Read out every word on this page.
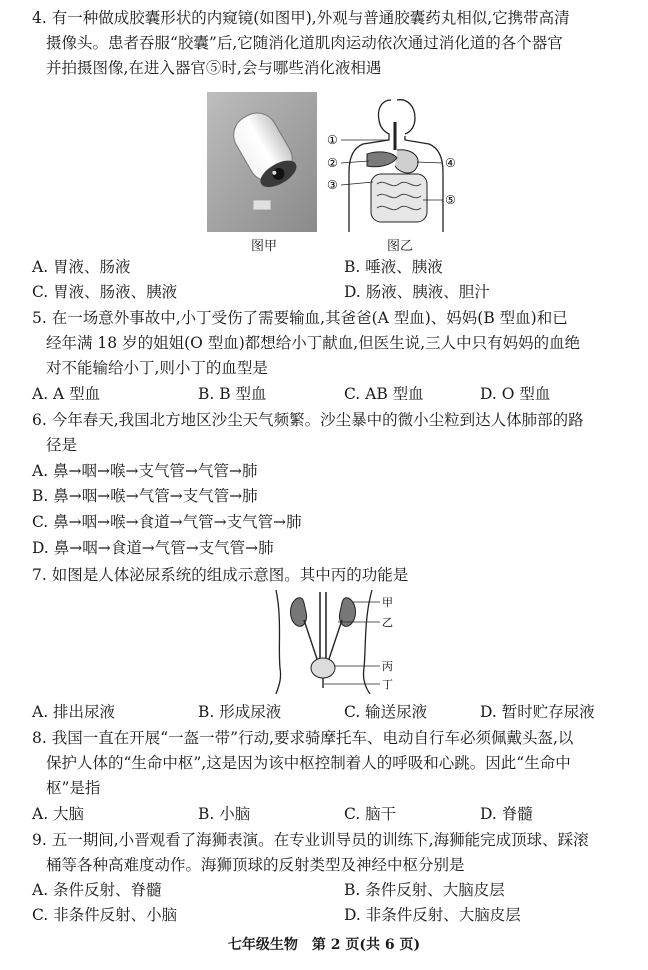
4. 有一种做成胶囊形状的内窥镜(如图甲),外观与普通胶囊药丸相似,它携带高清
摄像头。患者吞服“胶囊”后,它随消化道肌肉运动依次通过消化道的各个器官
并拍摄图像,在进入器官⑤时,会与哪些消化液相遇
图甲
①
②
③
④
⑤
图乙
A. 胃液、肠液	B. 唾液、胰液
C. 胃液、肠液、胰液	D. 肠液、胰液、胆汁
5. 在一场意外事故中,小丁受伤了需要输血,其爸爸(A 型血)、妈妈(B 型血)和已
经年满 18 岁的姐姐(O 型血)都想给小丁献血,但医生说,三人中只有妈妈的血绝
对不能输给小丁,则小丁的血型是
A. A 型血	B. B 型血	C. AB 型血	D. O 型血
6. 今年春天,我国北方地区沙尘天气频繁。沙尘暴中的微小尘粒到达人体肺部的路
径是
A. 鼻→咽→喉→支气管→气管→肺
B. 鼻→咽→喉→气管→支气管→肺
C. 鼻→咽→喉→食道→气管→支气管→肺
D. 鼻→咽→食道→气管→支气管→肺
7. 如图是人体泌尿系统的组成示意图。其中丙的功能是
甲
乙
丙
丁
A. 排出尿液	B. 形成尿液	C. 输送尿液	D. 暂时贮存尿液
8. 我国一直在开展“一盔一带”行动,要求骑摩托车、电动自行车必须佩戴头盔,以
保护人体的“生命中枢”,这是因为该中枢控制着人的呼吸和心跳。因此“生命中
枢”是指
A. 大脑	B. 小脑	C. 脑干	D. 脊髓
9. 五一期间,小晋观看了海狮表演。在专业训导员的训练下,海狮能完成顶球、踩滚
桶等各种高难度动作。海狮顶球的反射类型及神经中枢分别是
A. 条件反射、脊髓	B. 条件反射、大脑皮层
C. 非条件反射、小脑	D. 非条件反射、大脑皮层
七年级生物　第 2 页(共 6 页)
